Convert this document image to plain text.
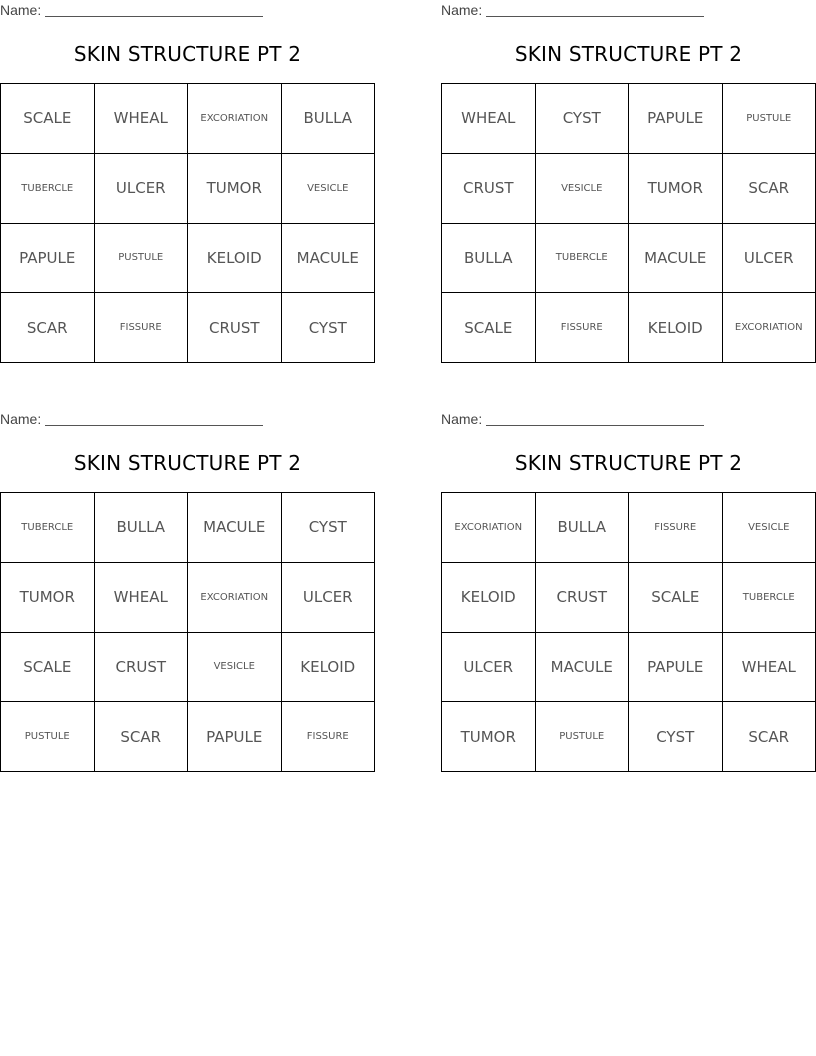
Name:
SKIN STRUCTURE PT 2
SCALE	WHEAL	EXCORIATION	BULLA
TUBERCLE	ULCER	TUMOR	VESICLE
PAPULE	PUSTULE	KELOID	MACULE
SCAR	FISSURE	CRUST	CYST
Name:
SKIN STRUCTURE PT 2
WHEAL	CYST	PAPULE	PUSTULE
CRUST	VESICLE	TUMOR	SCAR
BULLA	TUBERCLE	MACULE	ULCER
SCALE	FISSURE	KELOID	EXCORIATION
Name:
SKIN STRUCTURE PT 2
TUBERCLE	BULLA	MACULE	CYST
TUMOR	WHEAL	EXCORIATION	ULCER
SCALE	CRUST	VESICLE	KELOID
PUSTULE	SCAR	PAPULE	FISSURE
Name:
SKIN STRUCTURE PT 2
EXCORIATION	BULLA	FISSURE	VESICLE
KELOID	CRUST	SCALE	TUBERCLE
ULCER	MACULE	PAPULE	WHEAL
TUMOR	PUSTULE	CYST	SCAR
